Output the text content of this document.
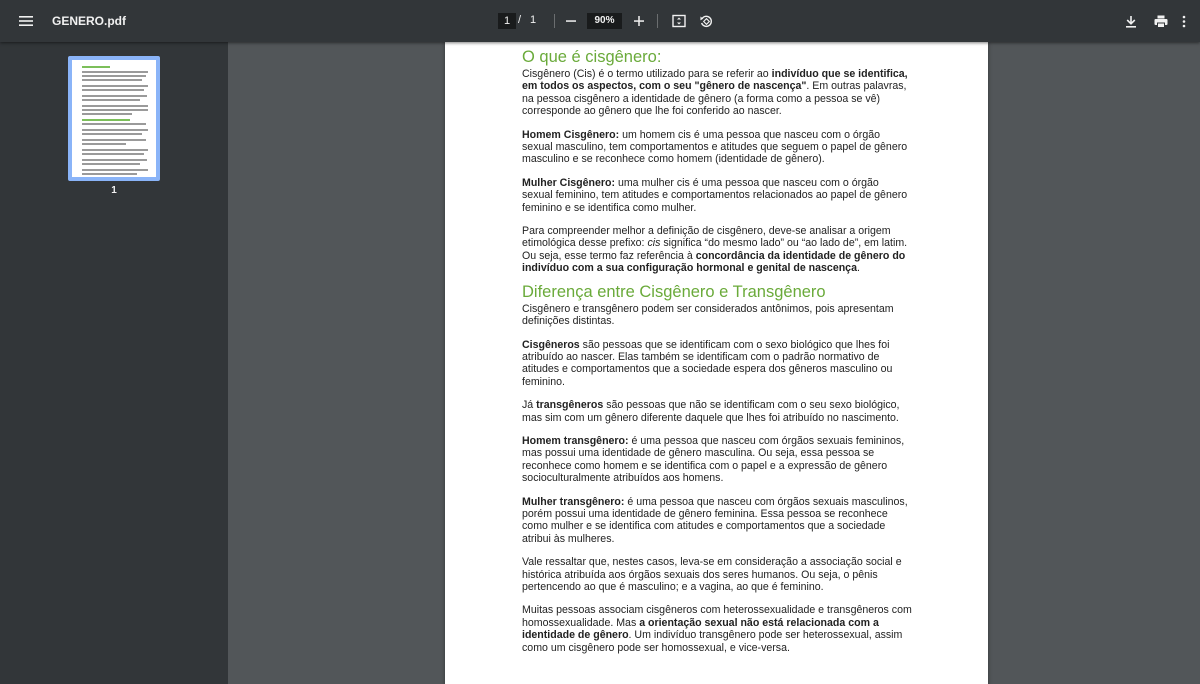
GENERO.pdf	1 / 1	90%
1
O que é cisgênero:

Cisgênero (Cis) é o termo utilizado para se referir ao indivíduo que se identifica, em todos os aspectos, com o seu "gênero de nascença". Em outras palavras, na pessoa cisgênero a identidade de gênero (a forma como a pessoa se vê) corresponde ao gênero que lhe foi conferido ao nascer.

Homem Cisgênero: um homem cis é uma pessoa que nasceu com o órgão sexual masculino, tem comportamentos e atitudes que seguem o papel de gênero masculino e se reconhece como homem (identidade de gênero).

Mulher Cisgênero: uma mulher cis é uma pessoa que nasceu com o órgão sexual feminino, tem atitudes e comportamentos relacionados ao papel de gênero feminino e se identifica como mulher.

Para compreender melhor a definição de cisgênero, deve-se analisar a origem etimológica desse prefixo: cis significa “do mesmo lado” ou “ao lado de”, em latim. Ou seja, esse termo faz referência à concordância da identidade de gênero do indivíduo com a sua configuração hormonal e genital de nascença.

Diferença entre Cisgênero e Transgênero

Cisgênero e transgênero podem ser considerados antônimos, pois apresentam definições distintas.

Cisgêneros são pessoas que se identificam com o sexo biológico que lhes foi atribuído ao nascer. Elas também se identificam com o padrão normativo de atitudes e comportamentos que a sociedade espera dos gêneros masculino ou feminino.

Já transgêneros são pessoas que não se identificam com o seu sexo biológico, mas sim com um gênero diferente daquele que lhes foi atribuído no nascimento.

Homem transgênero: é uma pessoa que nasceu com órgãos sexuais femininos, mas possui uma identidade de gênero masculina. Ou seja, essa pessoa se reconhece como homem e se identifica com o papel e a expressão de gênero socioculturalmente atribuídos aos homens.

Mulher transgênero: é uma pessoa que nasceu com órgãos sexuais masculinos, porém possui uma identidade de gênero feminina. Essa pessoa se reconhece como mulher e se identifica com atitudes e comportamentos que a sociedade atribui às mulheres.

Vale ressaltar que, nestes casos, leva-se em consideração a associação social e histórica atribuída aos órgãos sexuais dos seres humanos. Ou seja, o pênis pertencendo ao que é masculino; e a vagina, ao que é feminino.

Muitas pessoas associam cisgêneros com heterossexualidade e transgêneros com homossexualidade. Mas a orientação sexual não está relacionada com a identidade de gênero. Um indivíduo transgênero pode ser heterossexual, assim como um cisgênero pode ser homossexual, e vice-versa.
